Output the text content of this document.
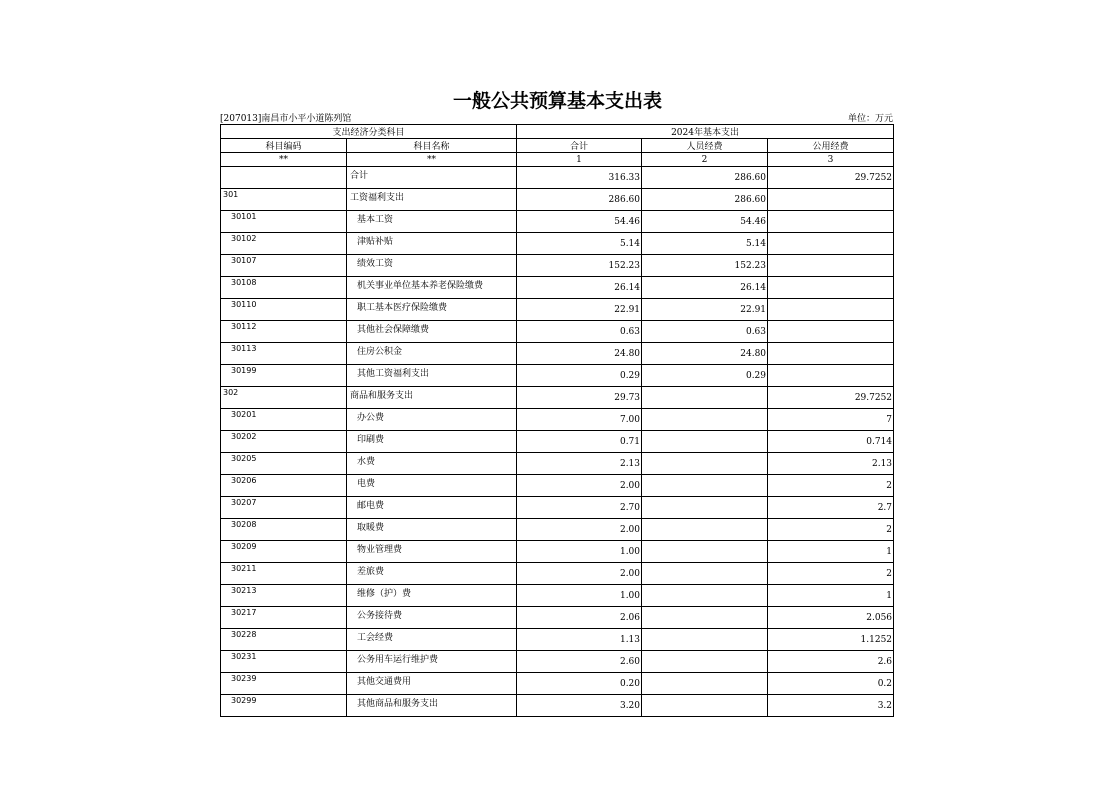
一般公共预算基本支出表
[207013]南昌市小平小道陈列馆	单位：万元
支出经济分类科目		2024年基本支出		
科目编码	科目名称	合计	人员经费	公用经费
**	**	1	2	3
	合计	316.33	286.60	29.7252
301	工资福利支出	286.60	286.60	
30101	基本工资	54.46	54.46	
30102	津贴补贴	5.14	5.14	
30107	绩效工资	152.23	152.23	
30108	机关事业单位基本养老保险缴费	26.14	26.14	
30110	职工基本医疗保险缴费	22.91	22.91	
30112	其他社会保障缴费	0.63	0.63	
30113	住房公积金	24.80	24.80	
30199	其他工资福利支出	0.29	0.29	
302	商品和服务支出	29.73		29.7252
30201	办公费	7.00		7
30202	印刷费	0.71		0.714
30205	水费	2.13		2.13
30206	电费	2.00		2
30207	邮电费	2.70		2.7
30208	取暖费	2.00		2
30209	物业管理费	1.00		1
30211	差旅费	2.00		2
30213	维修（护）费	1.00		1
30217	公务接待费	2.06		2.056
30228	工会经费	1.13		1.1252
30231	公务用车运行维护费	2.60		2.6
30239	其他交通费用	0.20		0.2
30299	其他商品和服务支出	3.20		3.2
